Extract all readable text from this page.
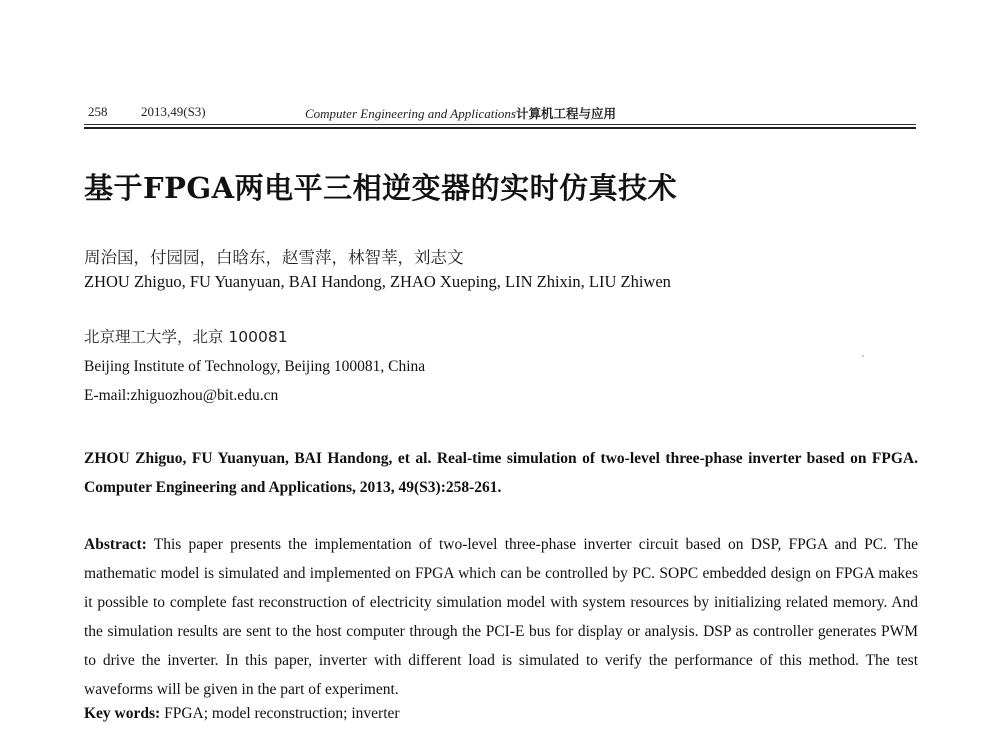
258	2013,49(S3)	Computer Engineering and Applications计算机工程与应用
基于FPGA两电平三相逆变器的实时仿真技术
周治国，付园园，白晗东，赵雪萍，林智莘，刘志文
ZHOU Zhiguo, FU Yuanyuan, BAI Handong, ZHAO Xueping, LIN Zhixin, LIU Zhiwen
北京理工大学，北京 100081
Beijing Institute of Technology, Beijing 100081, China
E-mail:zhiguozhou@bit.edu.cn
ZHOU Zhiguo, FU Yuanyuan, BAI Handong, et al. Real-time simulation of two-level three-phase inverter based on FPGA. Computer Engineering and Applications, 2013, 49(S3):258-261.
Abstract: This paper presents the implementation of two-level three-phase inverter circuit based on DSP, FPGA and PC. The mathematic model is simulated and implemented on FPGA which can be controlled by PC. SOPC embedded design on FPGA makes it possible to complete fast reconstruction of electricity simulation model with system resources by initializing related memory. And the simulation results are sent to the host computer through the PCI-E bus for display or analysis. DSP as controller generates PWM to drive the inverter. In this paper, inverter with different load is simulated to verify the performance of this method. The test waveforms will be given in the part of experiment.
Key words: FPGA; model reconstruction; inverter
